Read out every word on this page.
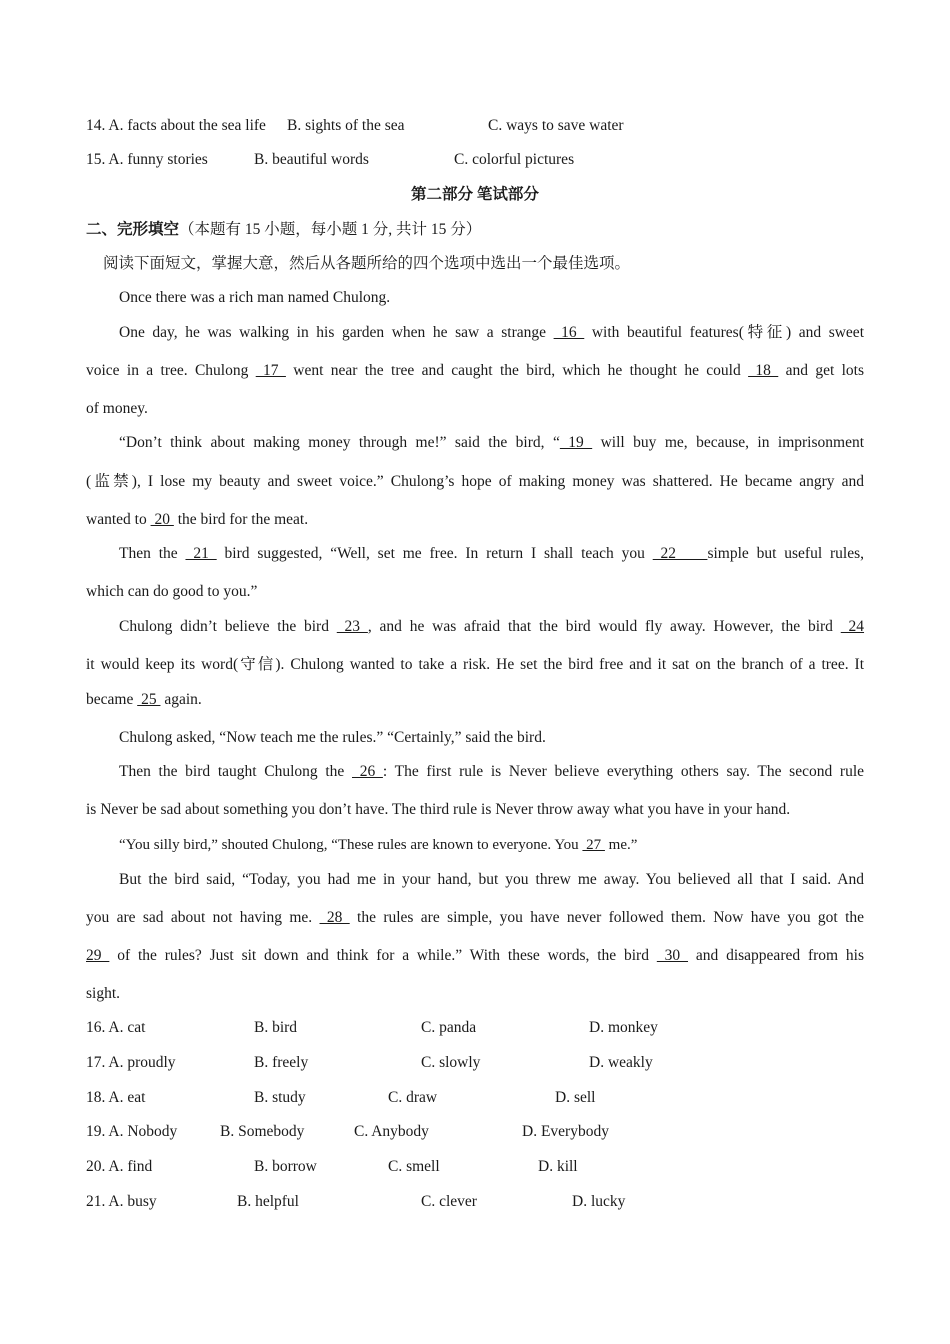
14. A. facts about the sea life B. sights of the sea	C. ways to save water
15. A. funny stories	B. beautiful words	C. colorful pictures
第二部分 笔试部分
二、完形填空（本题有 15 小题，每小题 1 分, 共计 15 分）
阅读下面短文，掌握大意，然后从各题所给的四个选项中选出一个最佳选项。
Once there was a rich man named Chulong.
One day, he was walking in his garden when he saw a strange  16  with beautiful features(特征) and sweet
voice in a tree. Chulong  17  went near the tree and caught the bird, which he thought he could  18  and get lots
of money.
“Don’t think about making money through me!” said the bird, “ 19  will buy me, because, in imprisonment
(监禁), I lose my beauty and sweet voice.” Chulong’s hope of making money was shattered. He became angry and
wanted to  20  the bird for the meat.
Then the  21  bird suggested, “Well, set me free. In return I shall teach you  22    simple but useful rules,
which can do good to you.”
Chulong didn’t believe the bird  23 , and he was afraid that the bird would fly away. However, the bird  24
it would keep its word(守信). Chulong wanted to take a risk. He set the bird free and it sat on the branch of a tree. It
became  25  again.
Chulong asked, “Now teach me the rules.” “Certainly,” said the bird.
Then the bird taught Chulong the  26 : The first rule is Never believe everything others say. The second rule
is Never be sad about something you don’t have. The third rule is Never throw away what you have in your hand.
“You silly bird,” shouted Chulong, “These rules are known to everyone. You  27  me.”
But the bird said, “Today, you had me in your hand, but you threw me away. You believed all that I said. And
you are sad about not having me.  28  the rules are simple, you have never followed them. Now have you got the
29  of the rules? Just sit down and think for a while.” With these words, the bird  30  and disappeared from his
sight.
16. A. cat	B. bird	C. panda	D. monkey
17. A. proudly	B. freely	C. slowly	D. weakly
18. A. eat	B. study	C. draw	D. sell
19. A. Nobody	B. Somebody	C. Anybody	D. Everybody
20. A. find	B. borrow	C. smell	D. kill
21. A. busy	B. helpful	C. clever	D. lucky
